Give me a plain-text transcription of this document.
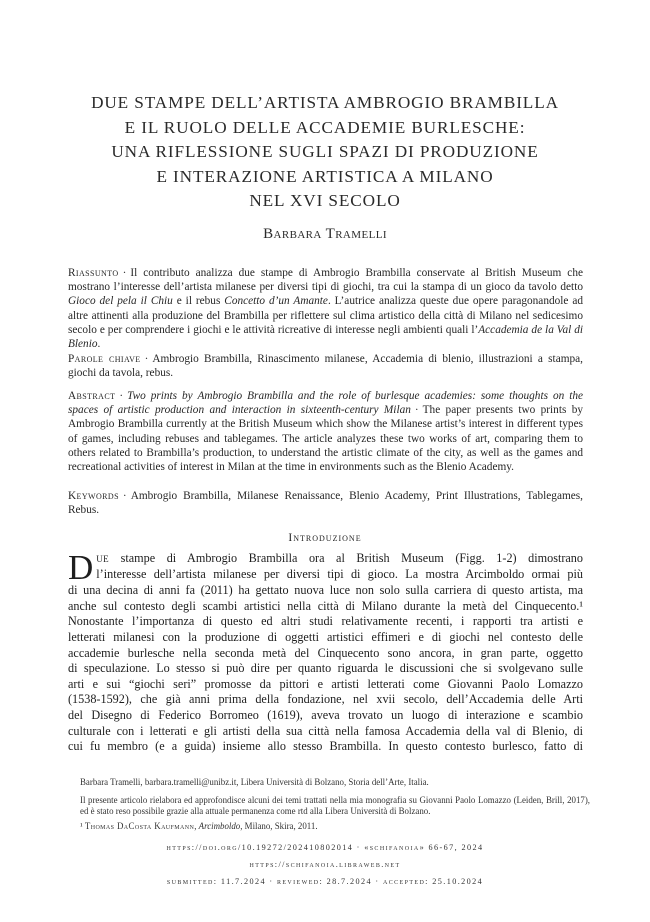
DUE STAMPE DELL’ARTISTA AMBROGIO BRAMBILLA
E IL RUOLO DELLE ACCADEMIE BURLESCHE:
UNA RIFLESSIONE SUGLI SPAZI DI PRODUZIONE
E INTERAZIONE ARTISTICA A MILANO
NEL XVI SECOLO
Barbara Tramelli
Riassunto · Il contributo analizza due stampe di Ambrogio Brambilla conservate al British Museum che mostrano l’interesse dell’artista milanese per diversi tipi di giochi, tra cui la stampa di un gioco da tavolo detto Gioco del pela il Chiu e il rebus Concetto d’un Amante. L’autrice analizza queste due opere paragonandole ad altre attinenti alla produzione del Brambilla per riflettere sul clima artistico della città di Milano nel sedicesimo secolo e per comprendere i giochi e le attività ricreative di interesse negli ambienti quali l’Accademia de la Val di Blenio.
Parole chiave · Ambrogio Brambilla, Rinascimento milanese, Accademia di blenio, illustrazioni a stampa, giochi da tavola, rebus.
Abstract · Two prints by Ambrogio Brambilla and the role of burlesque academies: some thoughts on the spaces of artistic production and interaction in sixteenth-century Milan · The paper presents two prints by Ambrogio Brambilla currently at the British Museum which show the Milanese artist’s interest in different types of games, including rebuses and tablegames. The article analyzes these two works of art, comparing them to others related to Brambilla’s production, to understand the artistic climate of the city, as well as the games and recreational activities of interest in Milan at the time in environments such as the Blenio Academy.
Keywords · Ambrogio Brambilla, Milanese Renaissance, Blenio Academy, Print Illustrations, Tablegames, Rebus.
Introduzione
D ue stampe di Ambrogio Brambilla ora al British Museum (Figg. 1-2) dimostrano
l’interesse dell’artista milanese per diversi tipi di gioco. La mostra Arcimboldo ormai più
di una decina di anni fa (2011) ha gettato nuova luce non solo sulla carriera di questo artista, ma
anche sul contesto degli scambi artistici nella città di Milano durante la metà del Cinquecento.¹
Nonostante l’importanza di questo ed altri studi relativamente recenti, i rapporti tra artisti e
letterati milanesi con la produzione di oggetti artistici effimeri e di giochi nel contesto delle
accademie burlesche nella seconda metà del Cinquecento sono ancora, in gran parte, oggetto
di speculazione. Lo stesso si può dire per quanto riguarda le discussioni che si svolgevano sulle
arti e sui “giochi seri” promosse da pittori e artisti letterati come Giovanni Paolo Lomazzo
(1538-1592), che già anni prima della fondazione, nel xvii secolo, dell’Accademia delle Arti
del Disegno di Federico Borromeo (1619), aveva trovato un luogo di interazione e scambio
culturale con i letterati e gli artisti della sua città nella famosa Accademia della val di Blenio, di
cui fu membro (e a guida) insieme allo stesso Brambilla. In questo contesto burlesco, fatto di
Barbara Tramelli, barbara.tramelli@unibz.it, Libera Università di Bolzano, Storia dell’Arte, Italia.
Il presente articolo rielabora ed approfondisce alcuni dei temi trattati nella mia monografia su Giovanni Paolo Lomazzo (Leiden, Brill, 2017), ed è stato reso possibile grazie alla attuale permanenza come rtd alla Libera Università di Bolzano.
¹ Thomas DaCosta Kaufmann, Arcimboldo, Milano, Skira, 2011.
https://doi.org/10.19272/202410802014 · «schifanoia» 66-67, 2024
https://schifanoia.libraweb.net
submitted: 11.7.2024 · reviewed: 28.7.2024 · accepted: 25.10.2024
